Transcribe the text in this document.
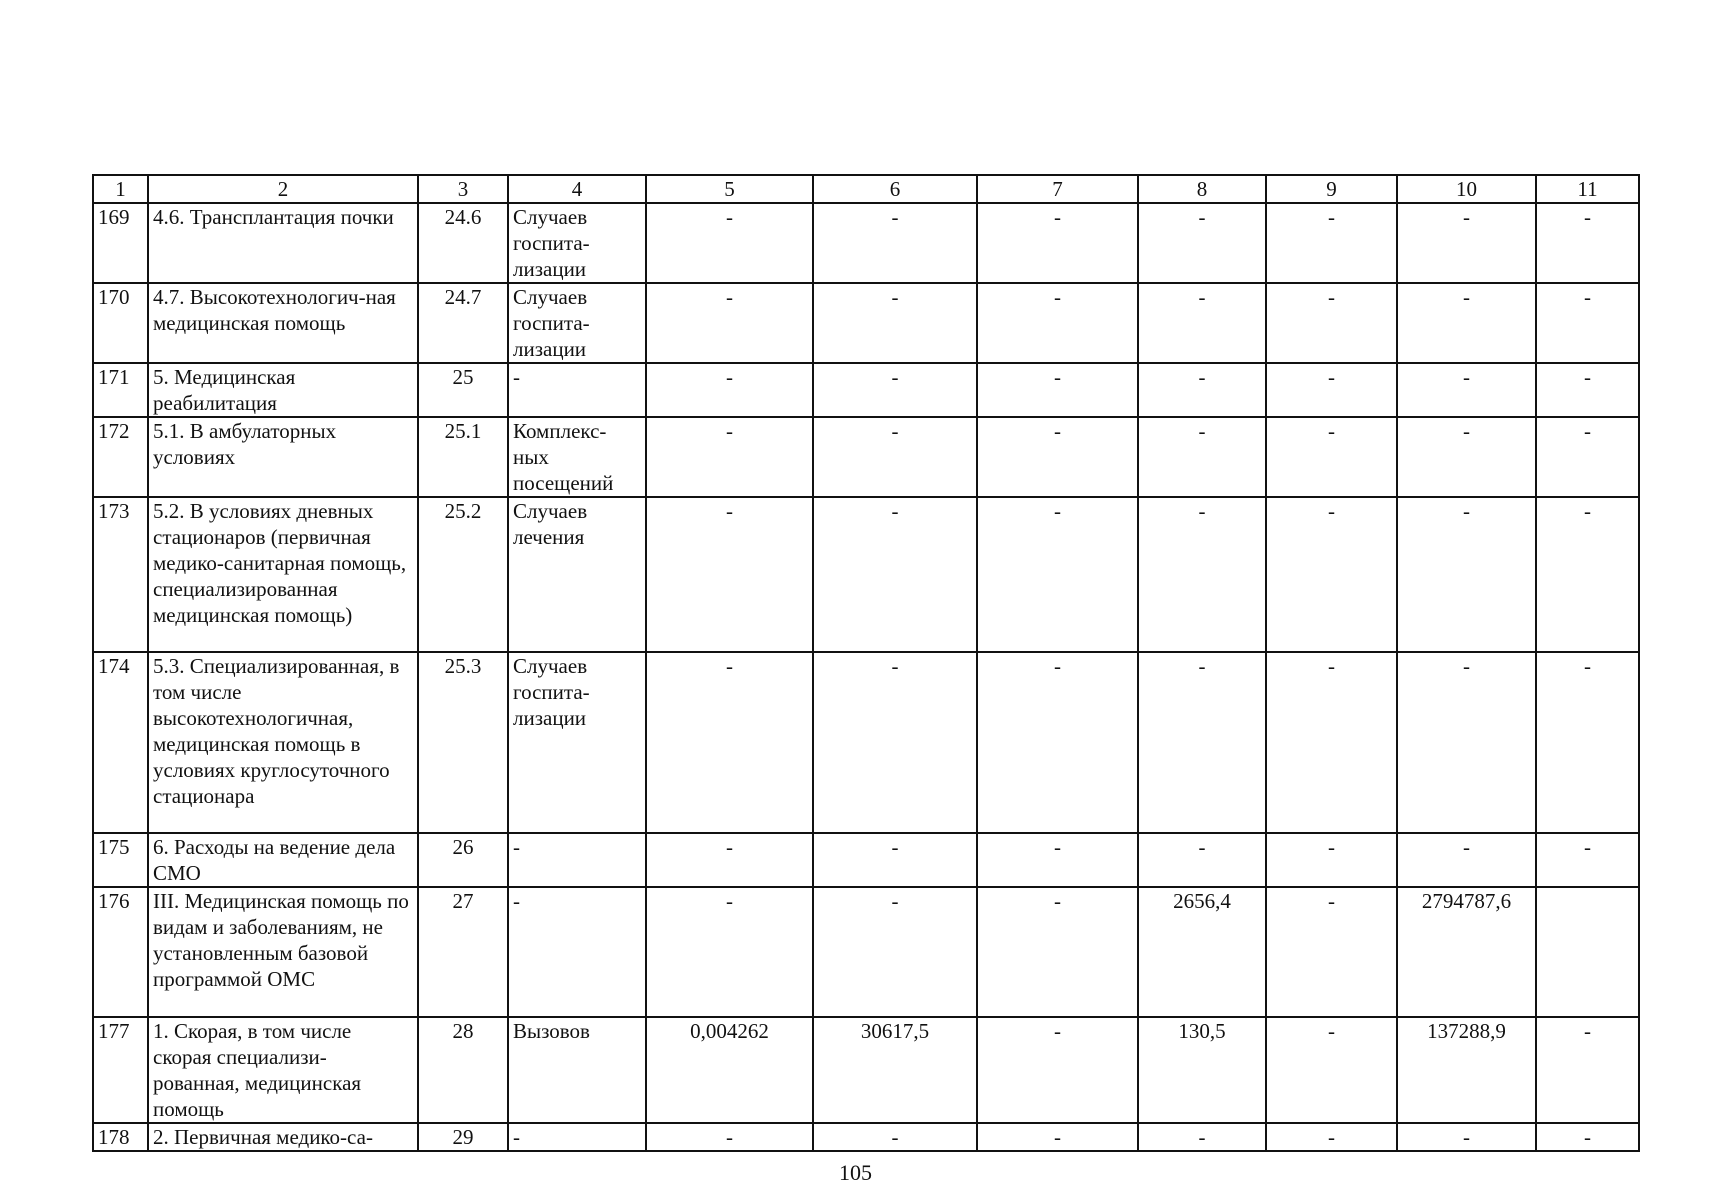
1	2	3	4	5	6	7	8	9	10	11
169	4.6. Трансплантация почки	24.6	Случаев госпита-лизации	-	-	-	-	-	-	-
170	4.7. Высокотехнологич-ная медицинская помощь	24.7	Случаев госпита-лизации	-	-	-	-	-	-	-
171	5. Медицинская реабилитация	25	-	-	-	-	-	-	-	-
172	5.1. В амбулаторных условиях	25.1	Комплекс-ных посещений	-	-	-	-	-	-	-
173	5.2. В условиях дневных стационаров (первичная медико-санитарная помощь, специализированная медицинская помощь)	25.2	Случаев лечения	-	-	-	-	-	-	-
174	5.3. Специализированная, в том числе высокотехнологичная, медицинская помощь в условиях круглосуточного стационара	25.3	Случаев госпита-лизации	-	-	-	-	-	-	-
175	6. Расходы на ведение дела СМО	26	-	-	-	-	-	-	-	-
176	III. Медицинская помощь по видам и заболеваниям, не установленным базовой программой ОМС	27	-	-	-	-	2656,4	-	2794787,6	
177	1. Скорая, в том числе скорая специализи-рованная, медицинская помощь	28	Вызовов	0,004262	30617,5	-	130,5	-	137288,9	-
178	2. Первичная медико-са-	29	-	-	-	-	-	-	-	-
105
